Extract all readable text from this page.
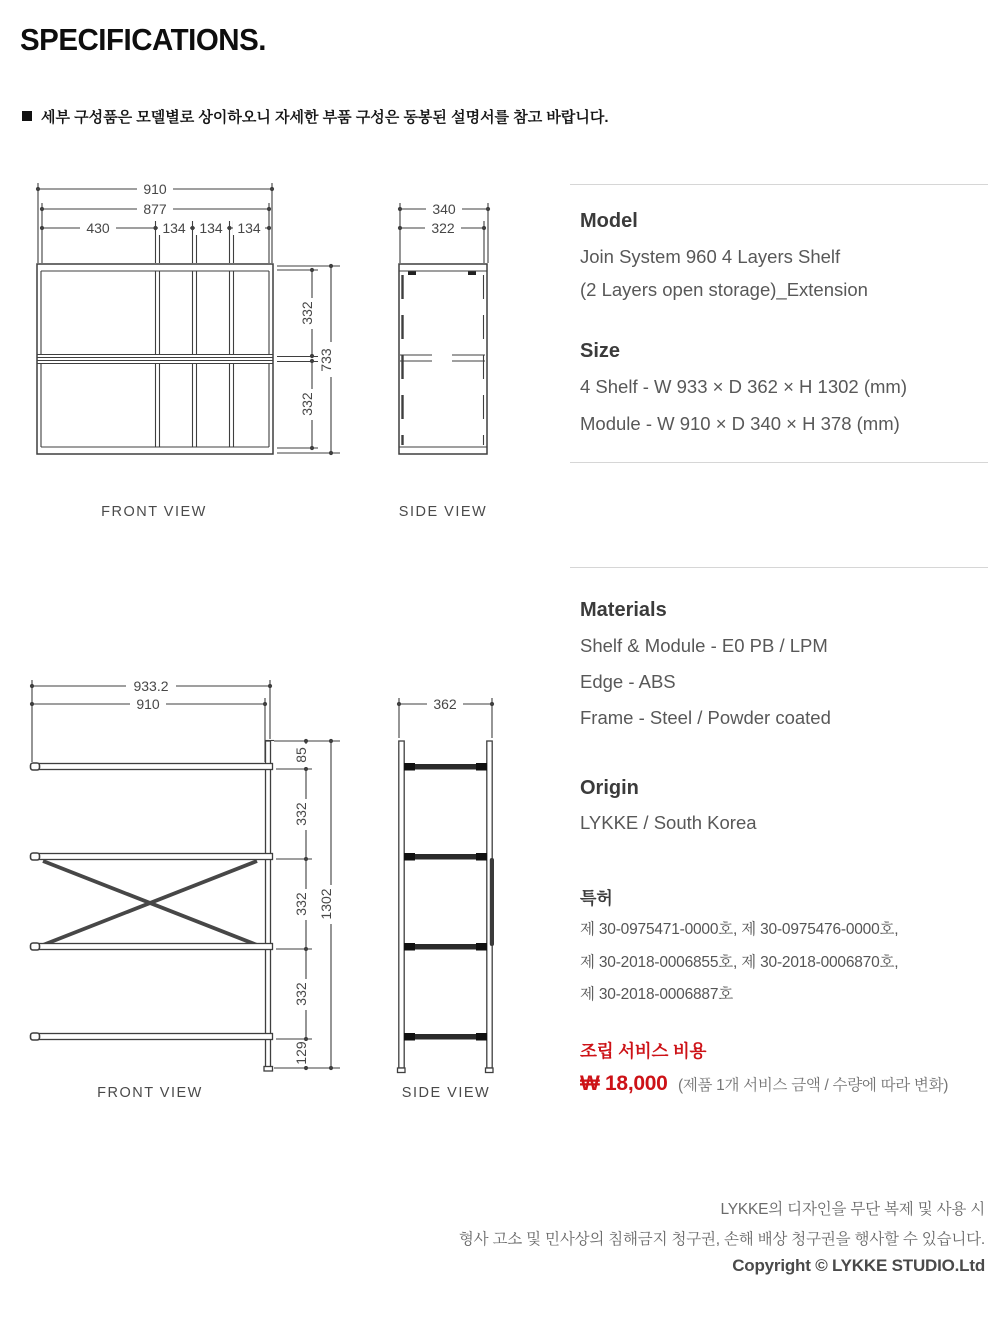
SPECIFICATIONS.
세부 구성품은 모델별로 상이하오니 자세한 부품 구성은 동봉된 설명서를 참고 바랍니다.
910
877
430	134 134 134
332
332
733
FRONT VIEW
340
322
SIDE VIEW
933.2
910
85
332
332
332
129
1302
FRONT VIEW
362
SIDE VIEW
Model
Join System 960 4 Layers Shelf
(2 Layers open storage)_Extension
Size
4 Shelf - W 933 × D 362 × H 1302 (mm)
Module - W 910 × D 340 × H 378 (mm)
Materials
Shelf & Module - E0 PB / LPM
Edge - ABS
Frame - Steel / Powder coated
Origin
LYKKE / South Korea
특허
제 30-0975471-0000호, 제 30-0975476-0000호,
제 30-2018-0006855호, 제 30-2018-0006870호,
제 30-2018-0006887호
조립 서비스 비용
₩ 18,000 (제품 1개 서비스 금액 / 수량에 따라 변화)
LYKKE의 디자인을 무단 복제 및 사용 시
형사 고소 및 민사상의 침해금지 청구권, 손해 배상 청구권을 행사할 수 있습니다.
Copyright © LYKKE STUDIO.Ltd
